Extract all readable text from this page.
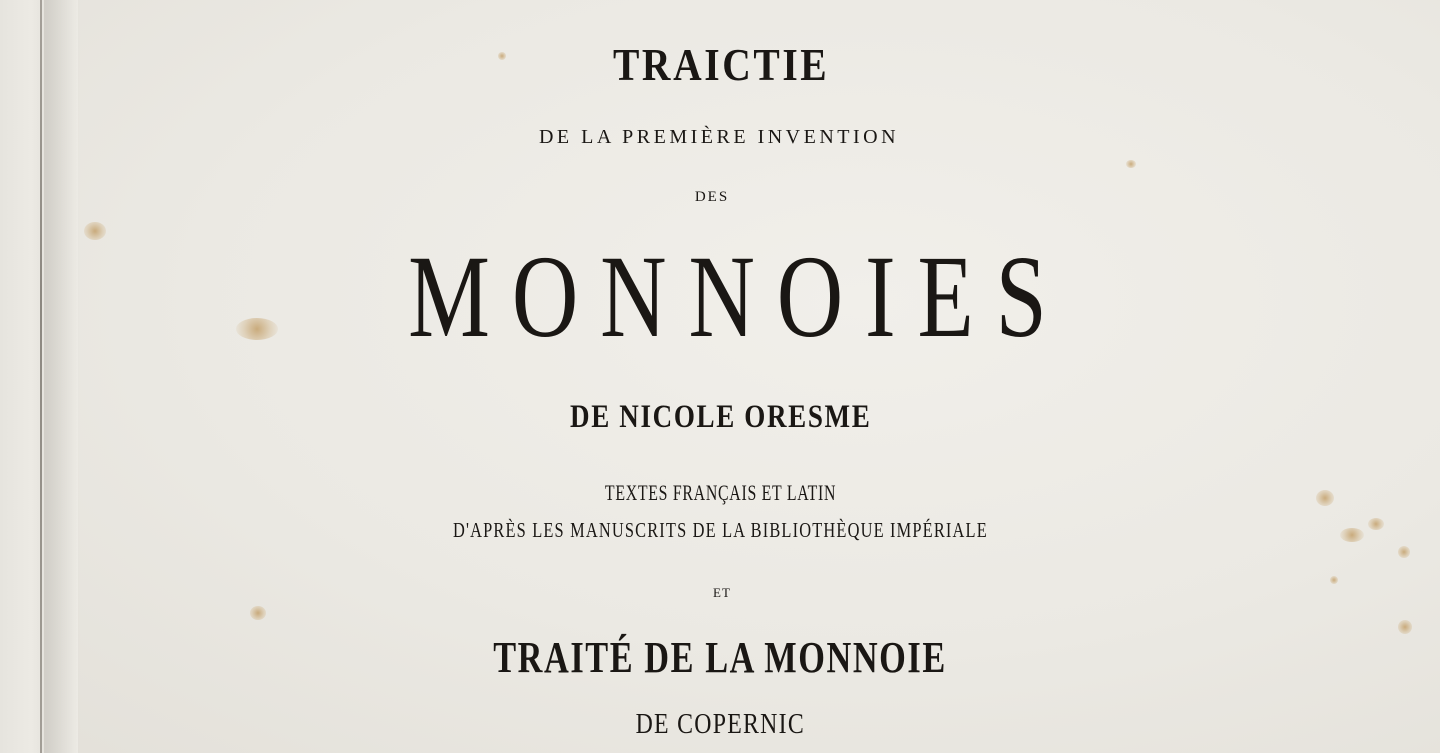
TRAICTIE
DE LA PREMIÈRE INVENTION
DES
MONNOIES
DE NICOLE ORESME
TEXTES FRANÇAIS ET LATIN
D'APRÈS LES MANUSCRITS DE LA BIBLIOTHÈQUE IMPÉRIALE
ET
TRAITÉ DE LA MONNOIE
DE COPERNIC
